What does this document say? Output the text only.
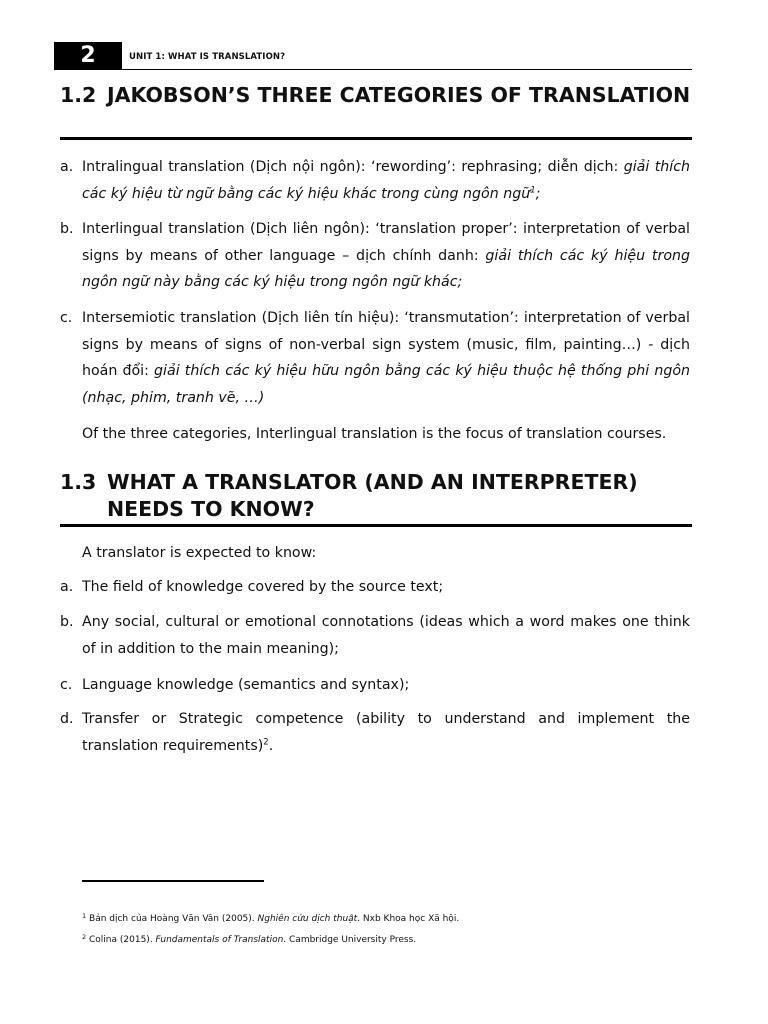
2	UNIT 1: WHAT IS TRANSLATION?
1.2 JAKOBSON’S THREE CATEGORIES OF TRANSLATION
a. Intralingual translation (Dịch nội ngôn): ‘rewording’: rephrasing; diễn dịch: giải thích các ký hiệu từ ngữ bằng các ký hiệu khác trong cùng ngôn ngữ$^1$;
b. Interlingual translation (Dịch liên ngôn): ‘translation proper’: interpretation of verbal signs by means of other language – dịch chính danh: giải thích các ký hiệu trong ngôn ngữ này bằng các ký hiệu trong ngôn ngữ khác;
c. Intersemiotic translation (Dịch liên tín hiệu): ‘transmutation’: interpretation of verbal signs by means of signs of non-verbal sign system (music, film, painting…) - dịch hoán đổi: giải thích các ký hiệu hữu ngôn bằng các ký hiệu thuộc hệ thống phi ngôn (nhạc, phim, tranh vẽ, …)
Of the three categories, Interlingual translation is the focus of translation courses.
1.3 WHAT A TRANSLATOR (AND AN INTERPRETER) NEEDS TO KNOW?
A translator is expected to know:
a. The field of knowledge covered by the source text;
b. Any social, cultural or emotional connotations (ideas which a word makes one think of in addition to the main meaning);
c. Language knowledge (semantics and syntax);
d. Transfer or Strategic competence (ability to understand and implement the translation requirements)$^2$.
$^1$ Bản dịch của Hoàng Văn Vân (2005). Nghiên cứu dịch thuật. Nxb Khoa học Xã hội.
$^2$ Colina (2015). Fundamentals of Translation. Cambridge University Press.
